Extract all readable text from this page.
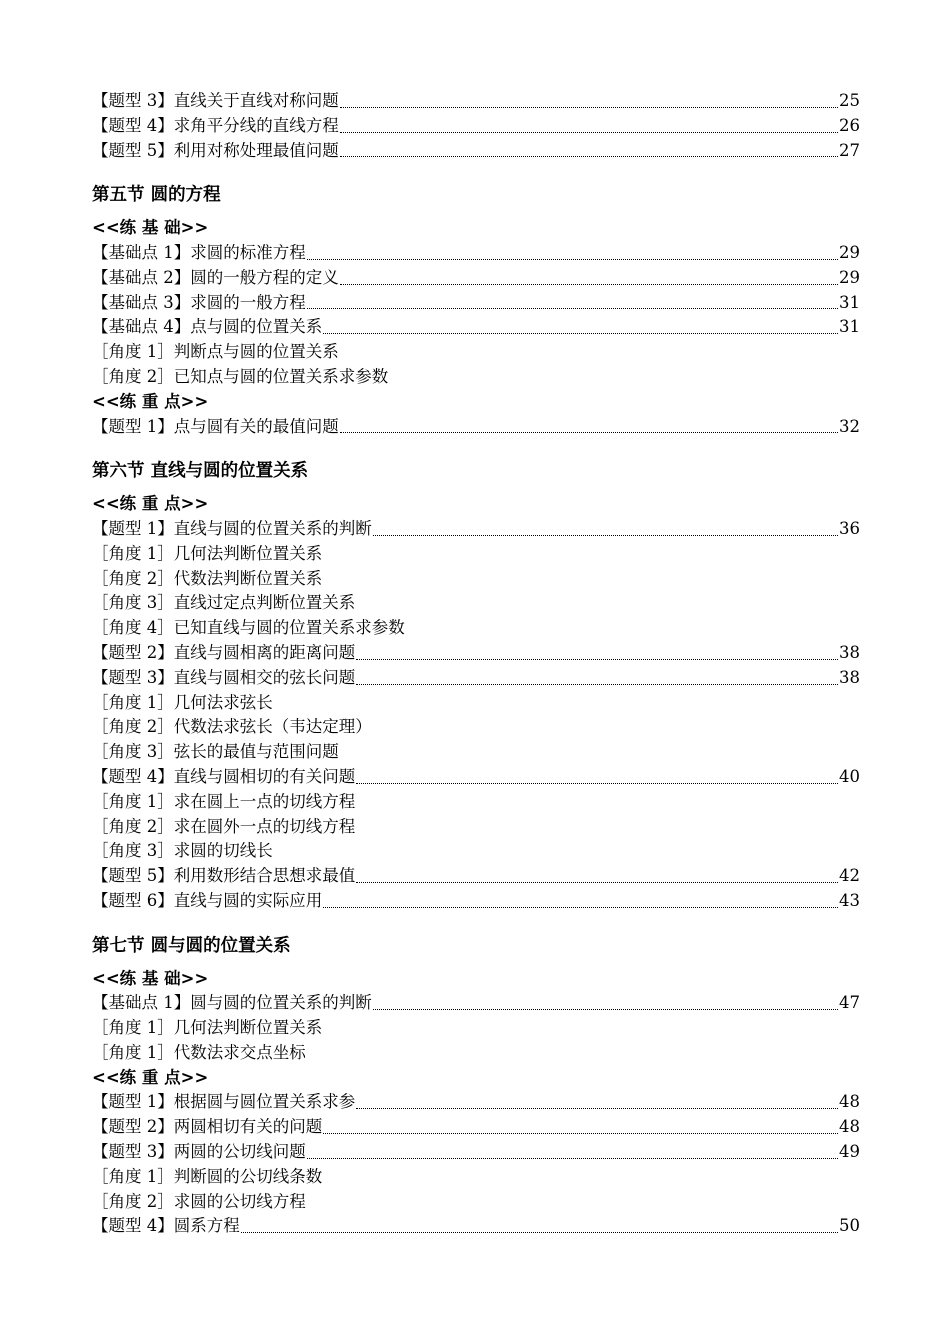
【题型 3】直线关于直线对称问题	25
【题型 4】求角平分线的直线方程	26
【题型 5】利用对称处理最值问题	27
第五节 圆的方程
<<练 基 础>>
【基础点 1】求圆的标准方程	29
【基础点 2】圆的一般方程的定义	29
【基础点 3】求圆的一般方程	31
【基础点 4】点与圆的位置关系	31
［角度 1］判断点与圆的位置关系
［角度 2］已知点与圆的位置关系求参数
<<练 重 点>>
【题型 1】点与圆有关的最值问题	32
第六节 直线与圆的位置关系
<<练 重 点>>
【题型 1】直线与圆的位置关系的判断	36
［角度 1］几何法判断位置关系
［角度 2］代数法判断位置关系
［角度 3］直线过定点判断位置关系
［角度 4］已知直线与圆的位置关系求参数
【题型 2】直线与圆相离的距离问题	38
【题型 3】直线与圆相交的弦长问题	38
［角度 1］几何法求弦长
［角度 2］代数法求弦长（韦达定理）
［角度 3］弦长的最值与范围问题
【题型 4】直线与圆相切的有关问题	40
［角度 1］求在圆上一点的切线方程
［角度 2］求在圆外一点的切线方程
［角度 3］求圆的切线长
【题型 5】利用数形结合思想求最值	42
【题型 6】直线与圆的实际应用	43
第七节 圆与圆的位置关系
<<练 基 础>>
【基础点 1】圆与圆的位置关系的判断	47
［角度 1］几何法判断位置关系
［角度 1］代数法求交点坐标
<<练 重 点>>
【题型 1】根据圆与圆位置关系求参	48
【题型 2】两圆相切有关的问题	48
【题型 3】两圆的公切线问题	49
［角度 1］判断圆的公切线条数
［角度 2］求圆的公切线方程
【题型 4】圆系方程	50
